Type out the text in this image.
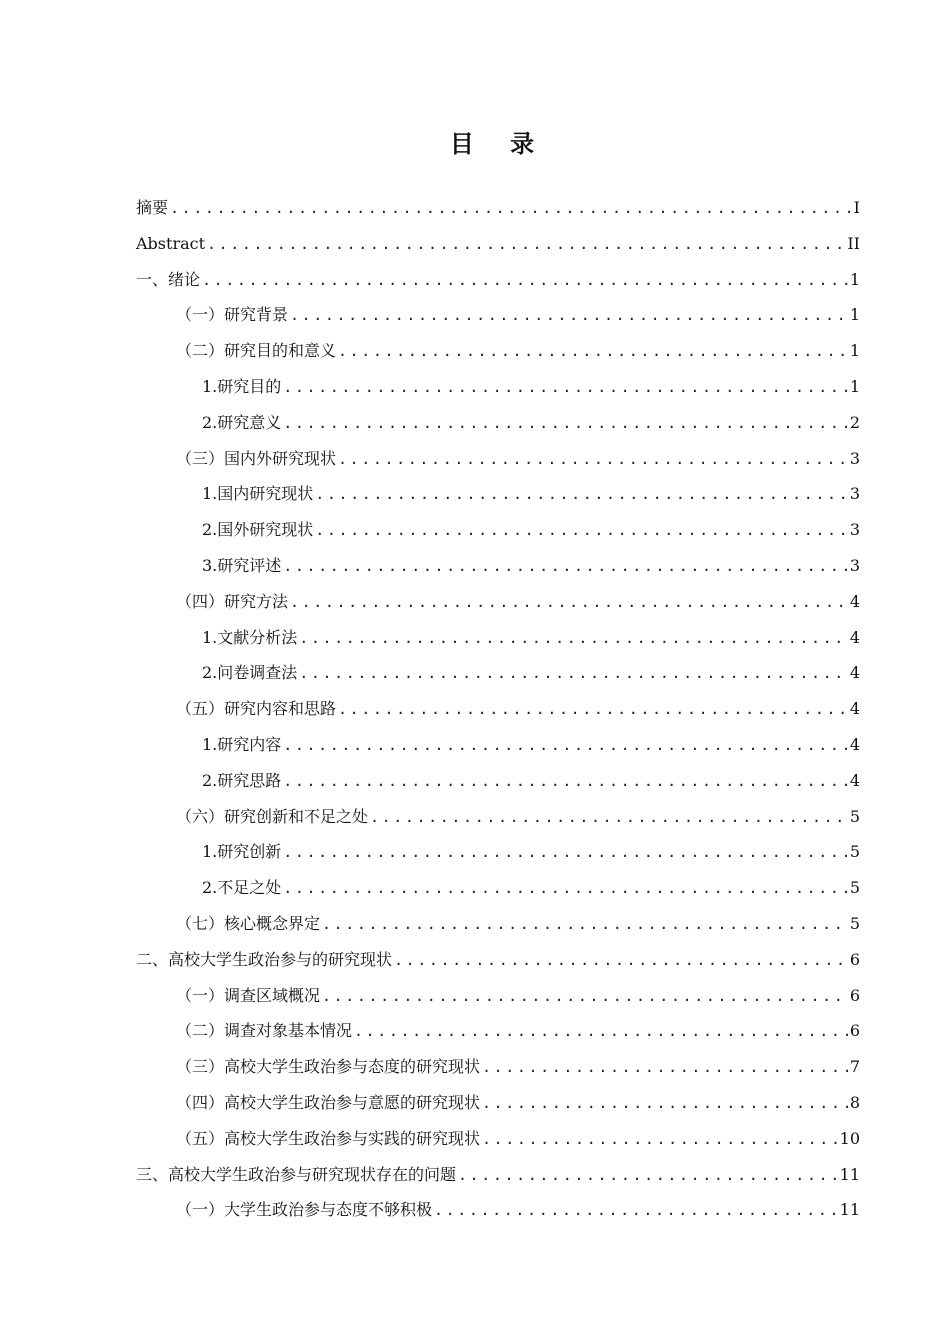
目 录
摘要 .....	I
Abstract .....	II
一、绪论 .....	1
（一）研究背景 .....	1
（二）研究目的和意义 .....	1
1.研究目的 .....	1
2.研究意义 .....	2
（三）国内外研究现状 .....	3
1.国内研究现状 .....	3
2.国外研究现状 .....	3
3.研究评述 .....	3
（四）研究方法 .....	4
1.文献分析法 .....	4
2.问卷调查法 .....	4
（五）研究内容和思路 .....	4
1.研究内容 .....	4
2.研究思路 .....	4
（六）研究创新和不足之处 .....	5
1.研究创新 .....	5
2.不足之处 .....	5
（七）核心概念界定 .....	5
二、高校大学生政治参与的研究现状 .....	6
（一）调查区域概况 .....	6
（二）调查对象基本情况 .....	6
（三）高校大学生政治参与态度的研究现状 .....	7
（四）高校大学生政治参与意愿的研究现状 .....	8
（五）高校大学生政治参与实践的研究现状 .....	10
三、高校大学生政治参与研究现状存在的问题 .....	11
（一）大学生政治参与态度不够积极 .....	11
